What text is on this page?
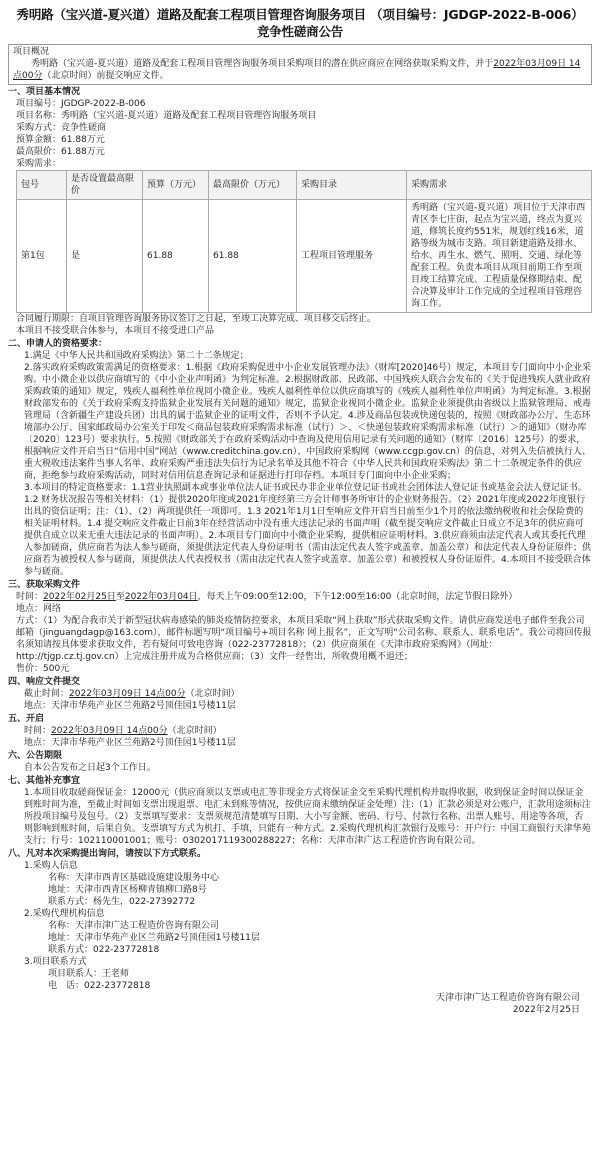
秀明路（宝兴道-夏兴道）道路及配套工程项目管理咨询服务项目 （项目编号：JGDGP-2022-B-006）竞争性磋商公告

项目概况

秀明路（宝兴道-夏兴道）道路及配套工程项目管理咨询服务项目采购项目的潜在供应商应在网络获取采购文件，并于2022年03月09日 14点00分（北京时间）前提交响应文件。

一、项目基本情况

项目编号：JGDGP-2022-B-006

项目名称：秀明路（宝兴道-夏兴道）道路及配套工程项目管理咨询服务项目

采购方式：竞争性磋商

预算金额：61.88万元

最高限价：61.88万元

采购需求：

包号	是否设置最高限价	预算（万元）	最高限价（万元）	采购目录	采购需求
第1包	是	61.88	61.88	工程项目管理服务	秀明路（宝兴道-夏兴道）项目位于天津市西青区李七庄街，起点为宝兴道，终点为夏兴道，修筑长度约551米，规划红线16米，道路等级为城市支路。项目新建道路及排水、给水、再生水、燃气、照明、交通、绿化等配套工程。负责本项目从项目前期工作至项目竣工结算完成、工程质量保修期结束、配合决算及审计工作完成的全过程项目管理咨询工作。

合同履行期限：自项目管理咨询服务协议签订之日起，至竣工决算完成、项目移交后终止。

本项目不接受联合体参与，本项目不接受进口产品

二、申请人的资格要求：

1.满足《中华人民共和国政府采购法》第二十二条规定；

2.落实政府采购政策需满足的资格要求：1.根据《政府采购促进中小企业发展管理办法》（财库[2020]46号）规定，本项目专门面向中小企业采购。中小微企业以供应商填写的《中小企业声明函》为判定标准。2.根据财政部、民政部、中国残疾人联合会发布的《关于促进残疾人就业政府采购政策的通知》规定，残疾人福利性单位视同小微企业。残疾人福利性单位以供应商填写的《残疾人福利性单位声明函》为判定标准。3.根据财政部发布的《关于政府采购支持监狱企业发展有关问题的通知》规定，监狱企业视同小微企业。监狱企业须提供由省级以上监狱管理局、戒毒管理局（含新疆生产建设兵团）出具的属于监狱企业的证明文件，否则不予认定。4.涉及商品包装或快递包装的，按照《财政部办公厅、生态环境部办公厅、国家邮政局办公室关于印发＜商品包装政府采购需求标准（试行）＞、＜快递包装政府采购需求标准（试行）＞的通知》（财办库〔2020〕123号）要求执行。5.按照《财政部关于在政府采购活动中查询及使用信用记录有关问题的通知》（财库〔2016〕125号）的要求，根据响应文件开启当日“信用中国”网站（www.creditchina.gov.cn）、中国政府采购网（www.ccgp.gov.cn）的信息，对列入失信被执行人、重大税收违法案件当事人名单、政府采购严重违法失信行为记录名单及其他不符合《中华人民共和国政府采购法》第二十二条规定条件的供应商，拒绝参与政府采购活动，同时对信用信息查询记录和证据进行打印存档。本项目专门面向中小企业采购；

3.本项目的特定资格要求：1.1营业执照副本或事业单位法人证书或民办非企业单位登记证书或社会团体法人登记证书或基金会法人登记证书。1.2 财务状况报告等相关材料：（1）提供2020年度或2021年度经第三方会计师事务所审计的企业财务报告。（2）2021年度或2022年度银行出具的资信证明；注：（1）、（2）两项提供任一项即可。1.3 2021年1月1日至响应文件开启当日前至少1个月的依法缴纳税收和社会保险费的相关证明材料。1.4 提交响应文件截止日前3年在经营活动中没有重大违法记录的书面声明（截至提交响应文件截止日成立不足3年的供应商可提供自成立以来无重大违法记录的书面声明）。2.本项目专门面向中小微企业采购，提供相应证明材料。3.供应商须由法定代表人或其委托代理人参加磋商，供应商若为法人参与磋商，须提供法定代表人身份证明书（需由法定代表人签字或盖章、加盖公章）和法定代表人身份证原件；供应商若为被授权人参与磋商，须提供法人代表授权书（需由法定代表人签字或盖章、加盖公章）和被授权人身份证原件。4.本项目不接受联合体参与磋商。

三、获取采购文件

时间：2022年02月25日至2022年03月04日，每天上午09:00至12:00，下午12:00至16:00（北京时间，法定节假日除外）

地点：网络

方式：（1）为配合我市关于新型冠状病毒感染的肺炎疫情防控要求，本项目采取“网上获取”形式获取采购文件。请供应商发送电子邮件至我公司邮箱（jinguangdagp@163.com），邮件标题写明“项目编号+项目名称 网上报名”，正文写明“公司名称、联系人、联系电话”。我公司将回传报名须知请按具体要求获取文件，若有疑问可致电咨询（022-23772818）；（2）供应商须在《天津市政府采购网》（网址：http://tjgp.cz.tj.gov.cn）上完成注册并成为合格供应商；（3）文件一经售出，所收费用概不退还；

售价：500元

四、响应文件提交

截止时间：2022年03月09日 14点00分（北京时间）

地点：天津市华苑产业区兰苑路2号顶佳园1号楼11层

五、开启

时间：2022年03月09日 14点00分（北京时间）

地点：天津市华苑产业区兰苑路2号顶佳园1号楼11层

六、公告期限

自本公告发布之日起3个工作日。

七、其他补充事宜

1.本项目收取磋商保证金：12000元（供应商须以支票或电汇等非现金方式将保证金交至采购代理机构并取得收据，收到保证金时间以保证金到账时间为准，至截止时间如支票出现退票、电汇未到账等情况，按供应商未缴纳保证金处理）注:（1）汇款必须是对公账户，汇款用途须标注所投项目编号及包号。（2）支票填写要求：支票须规范清楚填写日期、大小写金额、密码、行号、付款行名称、出票人账号、用途等各项，否则影响到账时间，后果自负。支票填写方式为机打、手填，只能有一种方式。2.采购代理机构汇款银行及账号：开户行：中国工商银行天津华苑支行；行号：102110001001；账号：0302017119300288227；名称：天津市津广达工程造价咨询有限公司。

八、凡对本次采购提出询问，请按以下方式联系。

1.采购人信息

名称：天津市西青区基础设施建设服务中心

地址：天津市西青区杨柳青镇柳口路8号

联系方式：杨先生，022-27392772

2.采购代理机构信息

名称：天津市津广达工程造价咨询有限公司

地址：天津市华苑产业区兰苑路2号顶佳园1号楼11层

联系方式：022-23772818

3.项目联系方式

项目联系人：王老师

电　话：022-23772818

天津市津广达工程造价咨询有限公司

2022年2月25日
